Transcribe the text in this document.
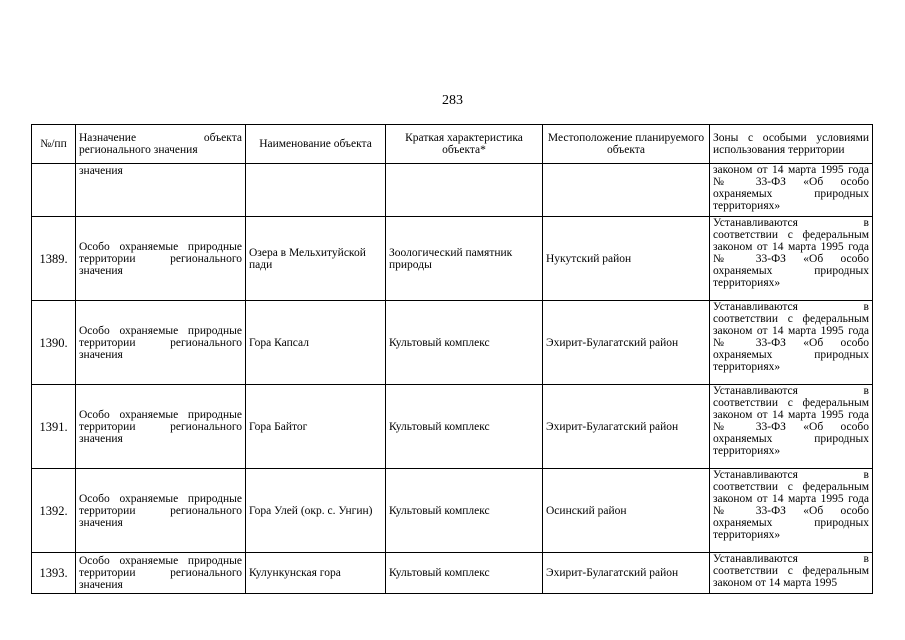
283
№/пп	Назначение объекта регионального значения	Наименование объекта	Краткая характеристика объекта*	Местоположение планируемого объекта	Зоны с особыми условиями использования территории
	значения				законом от 14 марта 1995 года № 33-ФЗ «Об особо охраняемых природных территориях»
1389.	Особо охраняемые природные территории регионального значения	Озера в Мельхитуйской пади	Зоологический памятник природы	Нукутский район	Устанавливаются в
соответствии с федеральным законом от 14 марта 1995 года № 33-ФЗ «Об особо охраняемых природных территориях»
1390.	Особо охраняемые природные территории регионального значения	Гора Капсал	Культовый комплекс	Эхирит-Булагатский район	Устанавливаются в
соответствии с федеральным законом от 14 марта 1995 года № 33-ФЗ «Об особо охраняемых природных территориях»
1391.	Особо охраняемые природные территории регионального значения	Гора Байтог	Культовый комплекс	Эхирит-Булагатский район	Устанавливаются в
соответствии с федеральным законом от 14 марта 1995 года № 33-ФЗ «Об особо охраняемых природных территориях»
1392.	Особо охраняемые природные территории регионального значения	Гора Улей (окр. с. Унгин)	Культовый комплекс	Осинский район	Устанавливаются в
соответствии с федеральным законом от 14 марта 1995 года № 33-ФЗ «Об особо охраняемых природных территориях»
1393.	Особо охраняемые природные территории регионального значения	Кулункунская гора	Культовый комплекс	Эхирит-Булагатский район	Устанавливаются в
соответствии с федеральным законом от 14 марта 1995
